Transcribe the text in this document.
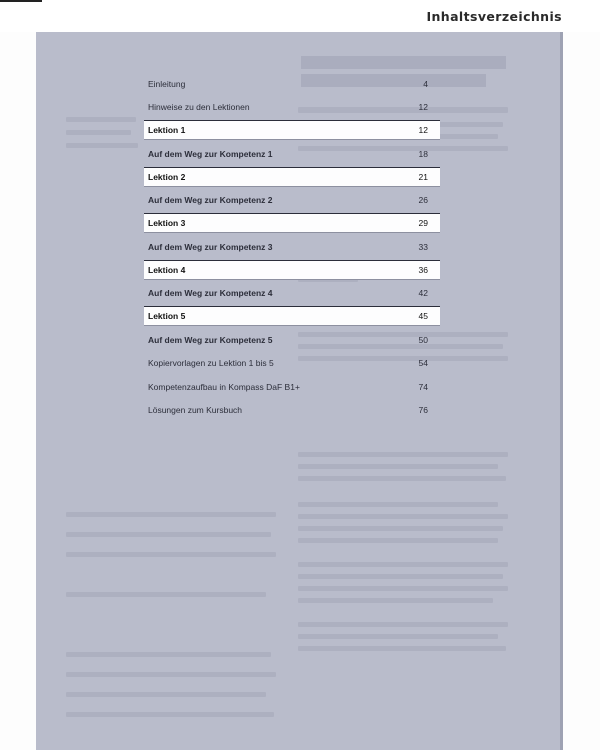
Inhaltsverzeichnis
Einleitung	4
Hinweise zu den Lektionen	12
Lektion 1	12
Auf dem Weg zur Kompetenz 1	18
Lektion 2	21
Auf dem Weg zur Kompetenz 2	26
Lektion 3	29
Auf dem Weg zur Kompetenz 3	33
Lektion 4	36
Auf dem Weg zur Kompetenz 4	42
Lektion 5	45
Auf dem Weg zur Kompetenz 5	50
Kopiervorlagen zu Lektion 1 bis 5	54
Kompetenzaufbau in Kompass DaF B1+	74
Lösungen zum Kursbuch	76
